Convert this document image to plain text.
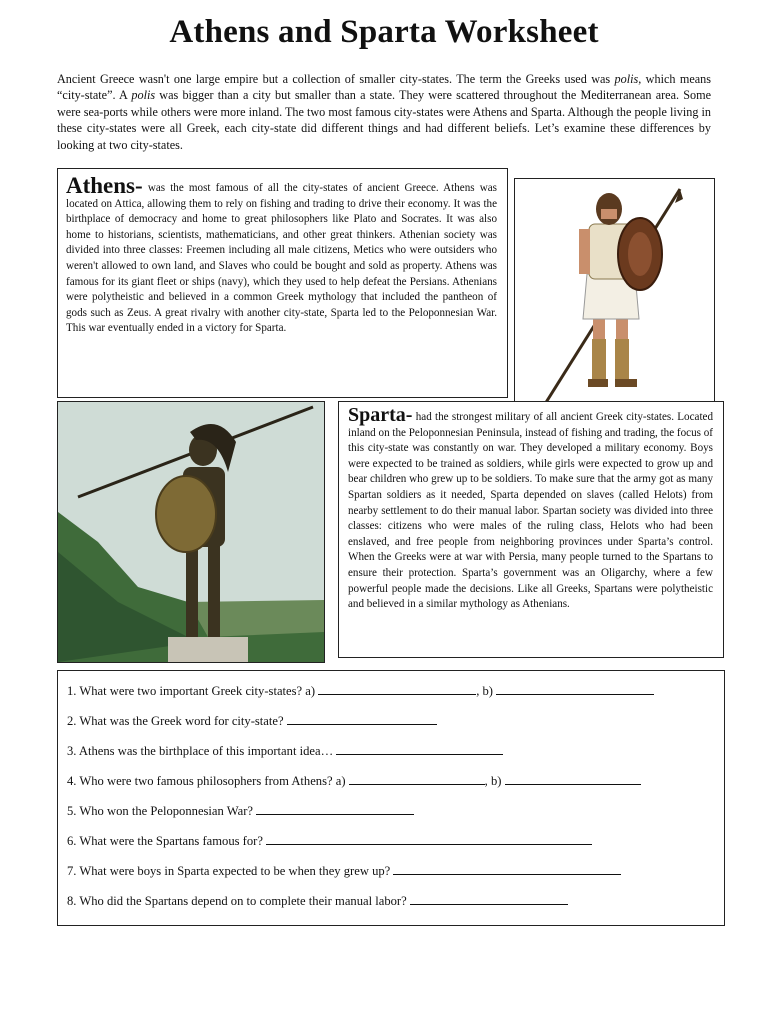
Athens and Sparta Worksheet
Ancient Greece wasn't one large empire but a collection of smaller city-states. The term the Greeks used was polis, which means “city-state”. A polis was bigger than a city but smaller than a state. They were scattered throughout the Mediterranean area. Some were sea-ports while others were more inland. The two most famous city-states were Athens and Sparta. Although the people living in these city-states were all Greek, each city-state did different things and had different beliefs. Let’s examine these differences by looking at two city-states.
Athens- was the most famous of all the city-states of ancient Greece. Athens was located on Attica, allowing them to rely on fishing and trading to drive their economy. It was the birthplace of democracy and home to great philosophers like Plato and Socrates. It was also home to historians, scientists, mathematicians, and other great thinkers. Athenian society was divided into three classes: Freemen including all male citizens, Metics who were outsiders who weren't allowed to own land, and Slaves who could be bought and sold as property. Athens was famous for its giant fleet or ships (navy), which they used to help defeat the Persians. Athenians were polytheistic and believed in a common Greek mythology that included the pantheon of gods such as Zeus. A great rivalry with another city-state, Sparta led to the Peloponnesian War. This war eventually ended in a victory for Sparta.
Sparta- had the strongest military of all ancient Greek city-states. Located inland on the Peloponnesian Peninsula, instead of fishing and trading, the focus of this city-state was constantly on war. They developed a military economy. Boys were expected to be trained as soldiers, while girls were expected to grow up and bear children who grew up to be soldiers. To make sure that the army got as many Spartan soldiers as it needed, Sparta depended on slaves (called Helots) from nearby settlement to do their manual labor. Spartan society was divided into three classes: citizens who were males of the ruling class, Helots who had been enslaved, and free people from neighboring provinces under Sparta’s control. When the Greeks were at war with Persia, many people turned to the Spartans to ensure their protection. Sparta’s government was an Oligarchy, where a few powerful people made the decisions. Like all Greeks, Spartans were polytheistic and believed in a similar mythology as Athenians.
1. What were two important Greek city-states? a)	, b)
2. What was the Greek word for city-state?
3. Athens was the birthplace of this important idea…
4. Who were two famous philosophers from Athens? a)	, b)
5. Who won the Peloponnesian War?
6. What were the Spartans famous for?
7. What were boys in Sparta expected to be when they grew up?
8. Who did the Spartans depend on to complete their manual labor?
